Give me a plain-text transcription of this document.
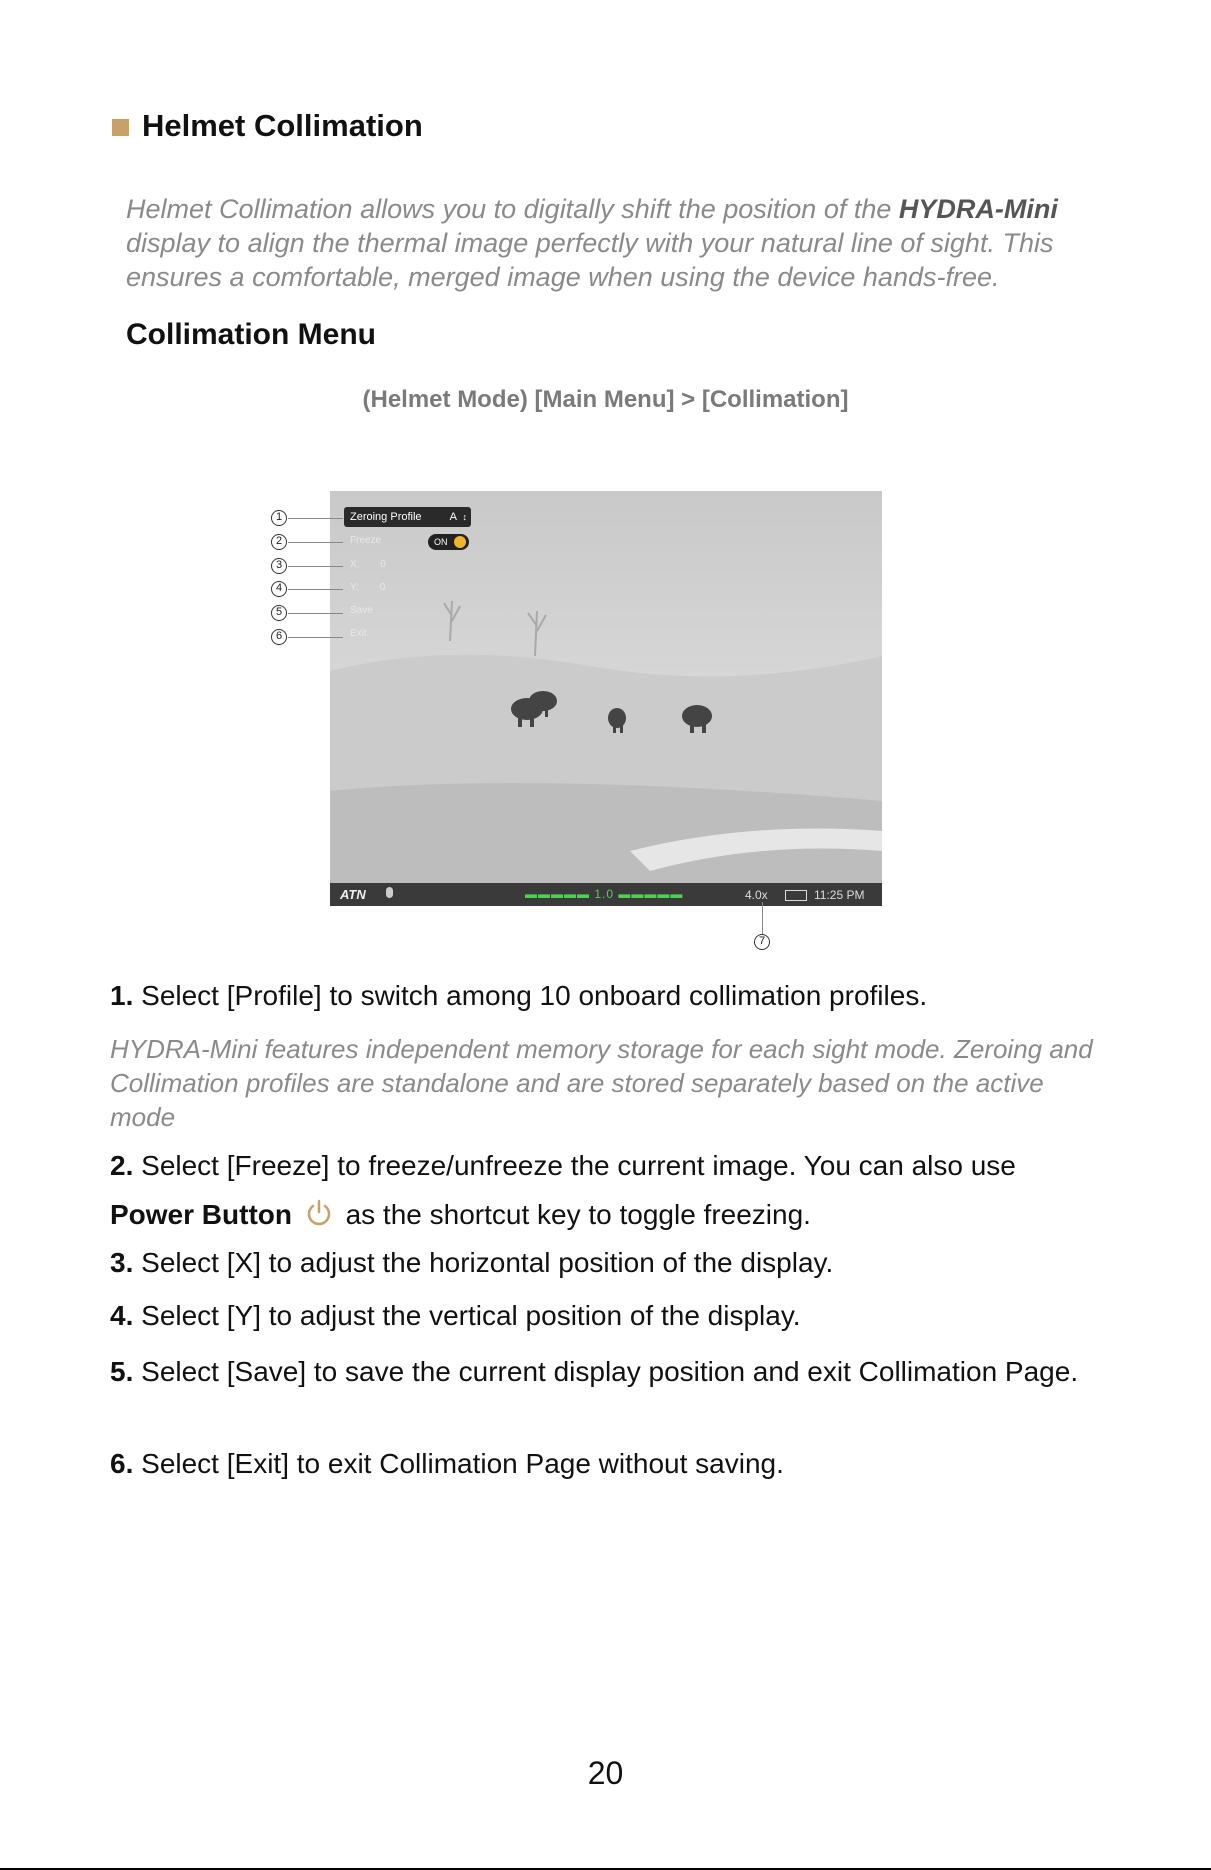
Helmet Collimation
Helmet Collimation allows you to digitally shift the position of the HYDRA-Mini display to align the thermal image perfectly with your natural line of sight. This ensures a comfortable, merged image when using the device hands-free.
Collimation Menu
(Helmet Mode) [Main Menu] > [Collimation]
Zeroing Profile	A ↕
Freeze	ON
X: 0
Y: 0
Save
Exit
ATN	▬▬▬▬▬ 1.0 ▬▬▬▬▬	4.0x	11:25 PM
1
2
3
4
5
6
7
1. Select [Profile] to switch among 10 onboard collimation profiles.
HYDRA-Mini features independent memory storage for each sight mode. Zeroing and Collimation profiles are standalone and are stored separately based on the active mode
2. Select [Freeze] to freeze/unfreeze the current image. You can also use
Power Button as the shortcut key to toggle freezing.
3. Select [X] to adjust the horizontal position of the display.
4. Select [Y] to adjust the vertical position of the display.
5. Select [Save] to save the current display position and exit Collimation Page.
6. Select [Exit] to exit Collimation Page without saving.
20
